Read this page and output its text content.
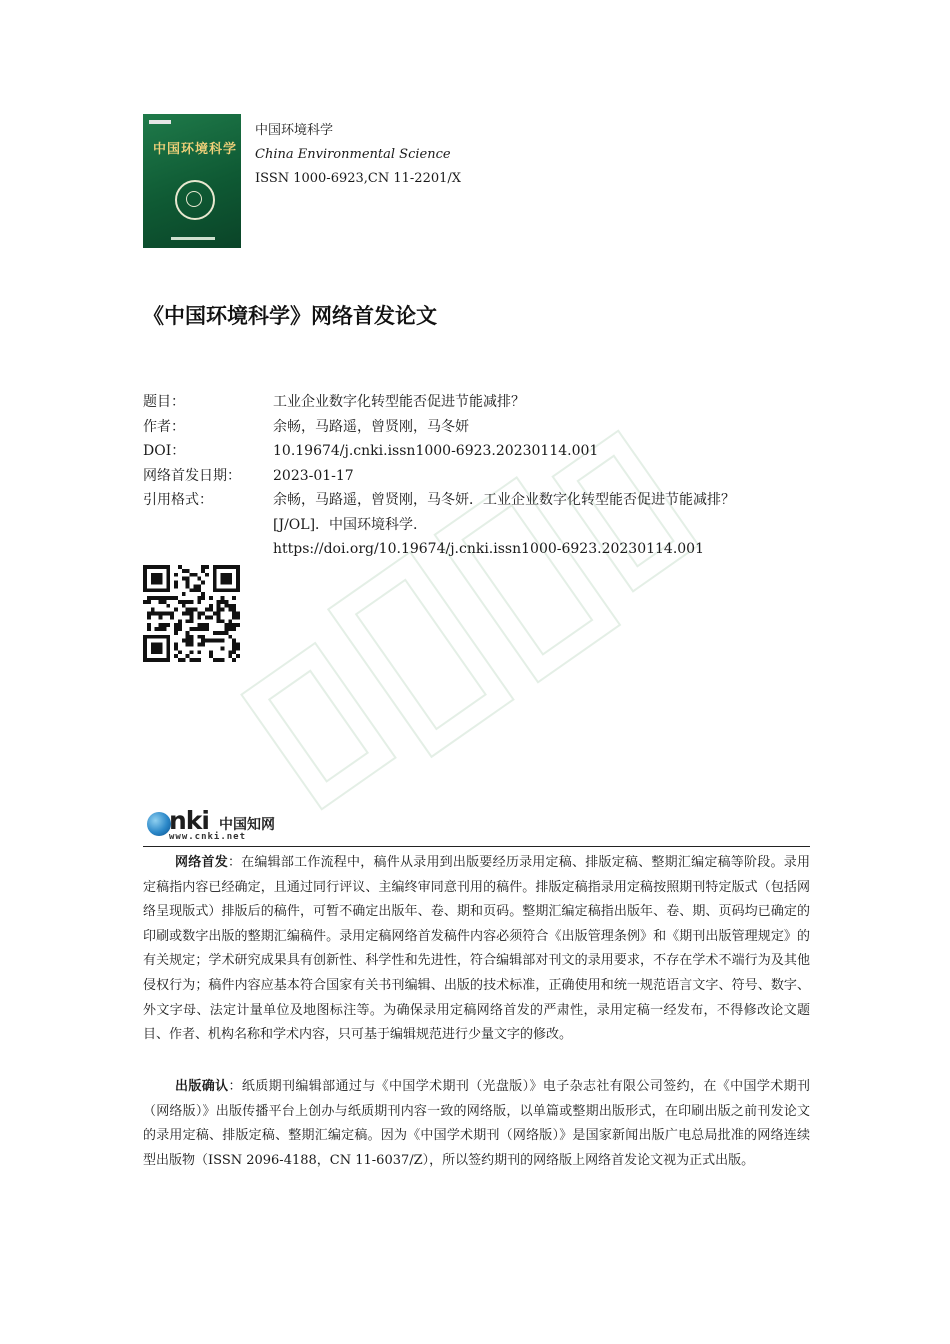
中国环境科学
中国环境科学
China Environmental Science
ISSN 1000-6923,CN 11-2201/X
《中国环境科学》网络首发论文
题目：	工业企业数字化转型能否促进节能减排？
作者：	余畅，马路遥，曾贤刚，马冬妍
DOI：	10.19674/j.cnki.issn1000-6923.20230114.001
网络首发日期：	2023-01-17
引用格式：	余畅，马路遥，曾贤刚，马冬妍．工业企业数字化转型能否促进节能减排？
[J/OL]．中国环境科学.
https://doi.org/10.19674/j.cnki.issn1000-6923.20230114.001
nki 中国知网
www.cnki.net
网络首发：在编辑部工作流程中，稿件从录用到出版要经历录用定稿、排版定稿、整期汇编定稿等阶段。录用定稿指内容已经确定，且通过同行评议、主编终审同意刊用的稿件。排版定稿指录用定稿按照期刊特定版式（包括网络呈现版式）排版后的稿件，可暂不确定出版年、卷、期和页码。整期汇编定稿指出版年、卷、期、页码均已确定的印刷或数字出版的整期汇编稿件。录用定稿网络首发稿件内容必须符合《出版管理条例》和《期刊出版管理规定》的有关规定；学术研究成果具有创新性、科学性和先进性，符合编辑部对刊文的录用要求，不存在学术不端行为及其他侵权行为；稿件内容应基本符合国家有关书刊编辑、出版的技术标准，正确使用和统一规范语言文字、符号、数字、外文字母、法定计量单位及地图标注等。为确保录用定稿网络首发的严肃性，录用定稿一经发布，不得修改论文题目、作者、机构名称和学术内容，只可基于编辑规范进行少量文字的修改。
出版确认：纸质期刊编辑部通过与《中国学术期刊（光盘版）》电子杂志社有限公司签约，在《中国学术期刊（网络版）》出版传播平台上创办与纸质期刊内容一致的网络版，以单篇或整期出版形式，在印刷出版之前刊发论文的录用定稿、排版定稿、整期汇编定稿。因为《中国学术期刊（网络版）》是国家新闻出版广电总局批准的网络连续型出版物（ISSN 2096-4188，CN 11-6037/Z），所以签约期刊的网络版上网络首发论文视为正式出版。
